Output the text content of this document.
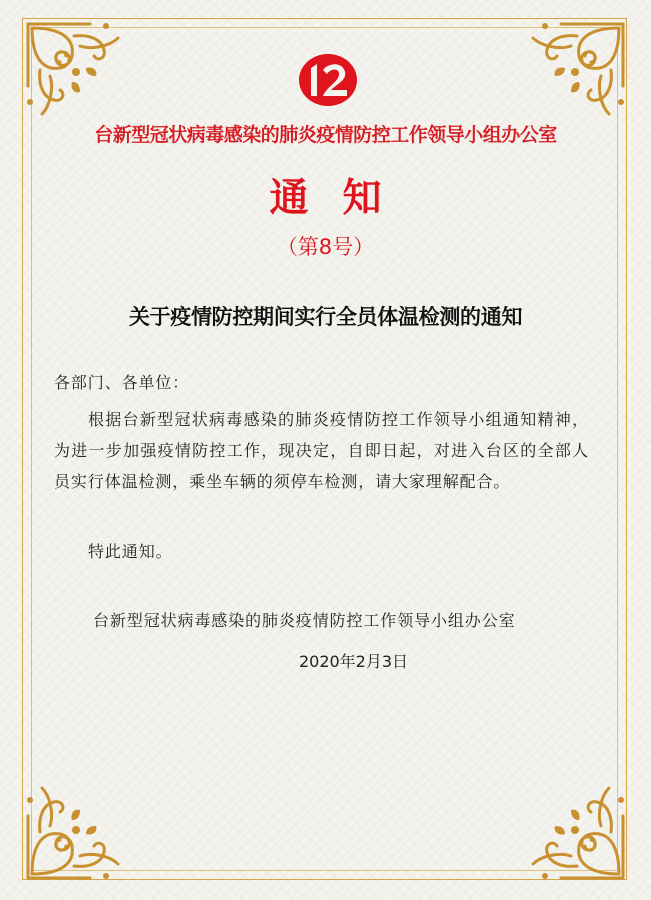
台新型冠状病毒感染的肺炎疫情防控工作领导小组办公室
通 知
（第8号）
关于疫情防控期间实行全员体温检测的通知
各部门、各单位：
根据台新型冠状病毒感染的肺炎疫情防控工作领导小组通知精神，为进一步加强疫情防控工作，现决定，自即日起，对进入台区的全部人员实行体温检测，乘坐车辆的须停车检测，请大家理解配合。
特此通知。
台新型冠状病毒感染的肺炎疫情防控工作领导小组办公室
2020年2月3日
